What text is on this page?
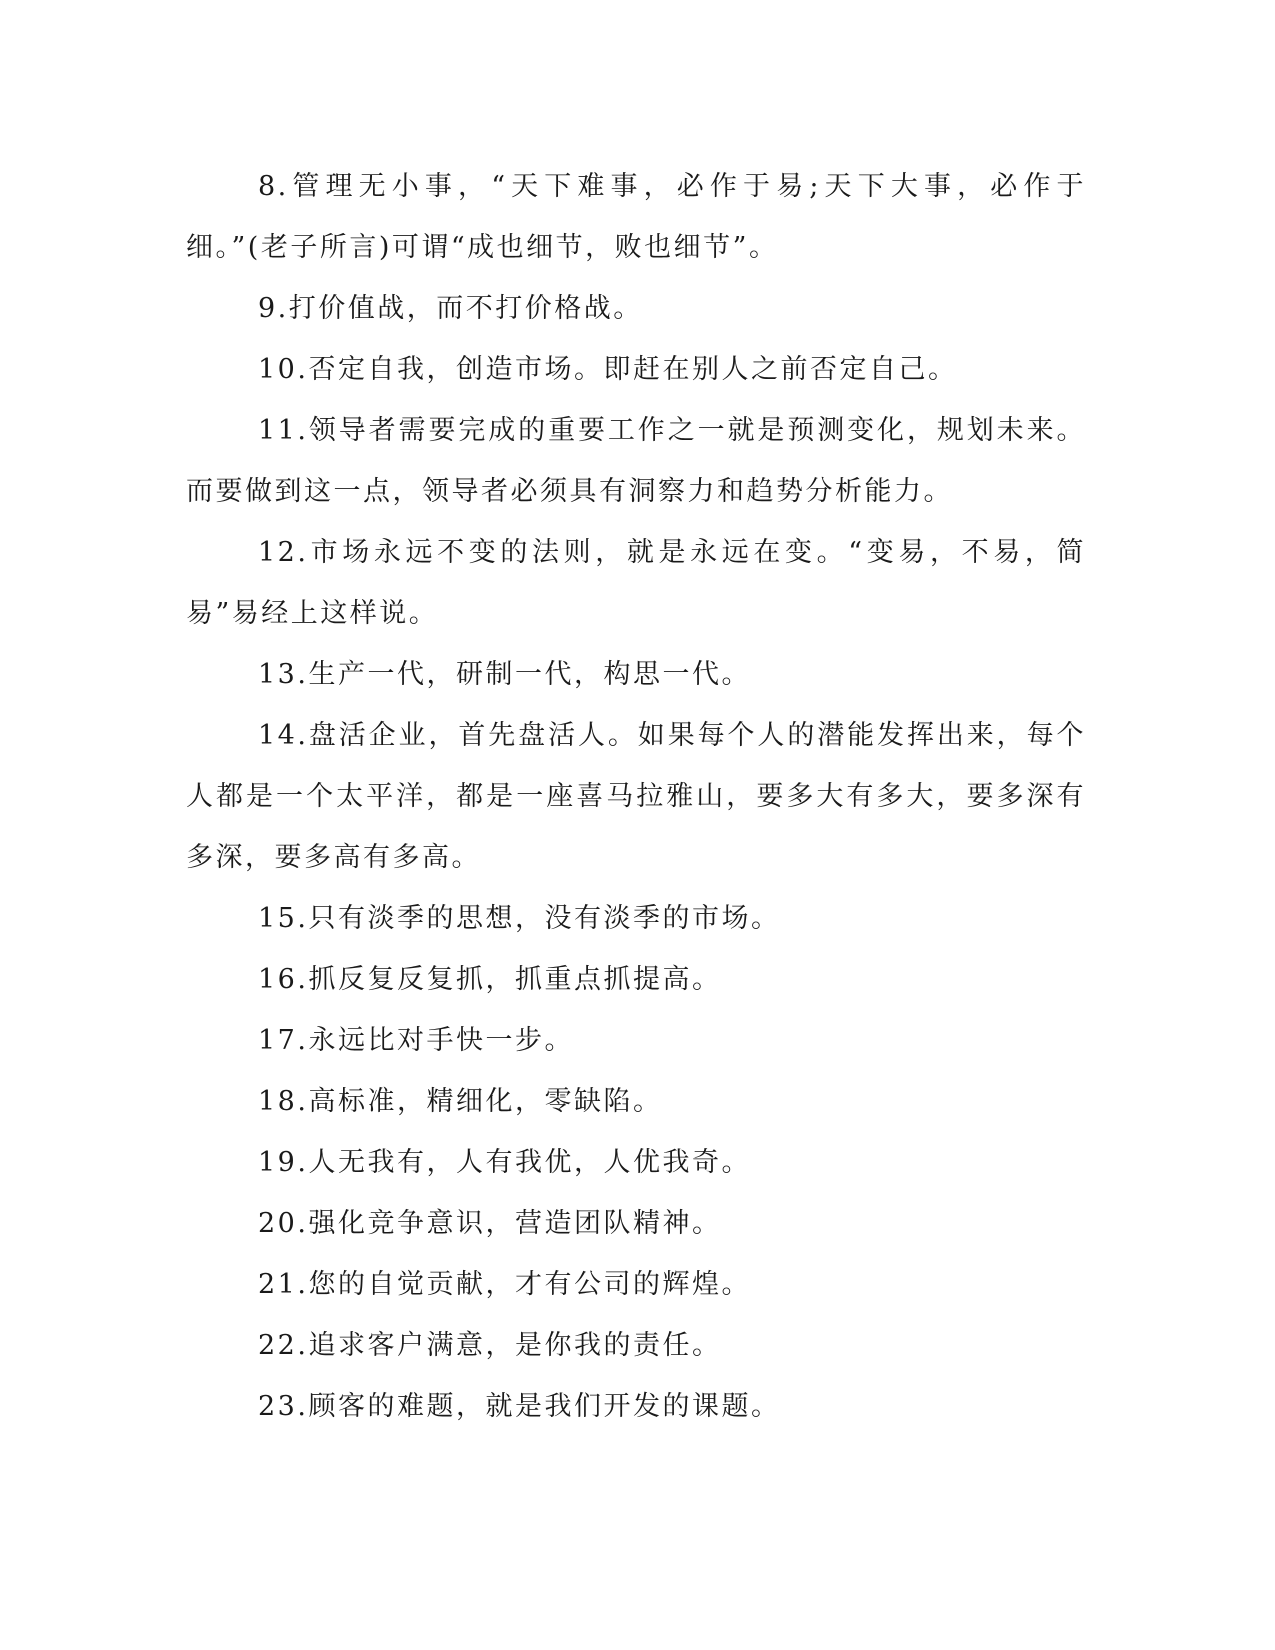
8.管理无小事，“天下难事，必作于易;天下大事，必作于细。”(老子所言)可谓“成也细节，败也细节”。

9.打价值战，而不打价格战。

10.否定自我，创造市场。即赶在别人之前否定自己。

11.领导者需要完成的重要工作之一就是预测变化，规划未来。而要做到这一点，领导者必须具有洞察力和趋势分析能力。

12.市场永远不变的法则，就是永远在变。“变易，不易，简易”易经上这样说。

13.生产一代，研制一代，构思一代。

14.盘活企业，首先盘活人。如果每个人的潜能发挥出来，每个人都是一个太平洋，都是一座喜马拉雅山，要多大有多大，要多深有多深，要多高有多高。

15.只有淡季的思想，没有淡季的市场。

16.抓反复反复抓，抓重点抓提高。

17.永远比对手快一步。

18.高标准，精细化，零缺陷。

19.人无我有，人有我优，人优我奇。

20.强化竞争意识，营造团队精神。

21.您的自觉贡献，才有公司的辉煌。

22.追求客户满意，是你我的责任。

23.顾客的难题，就是我们开发的课题。
